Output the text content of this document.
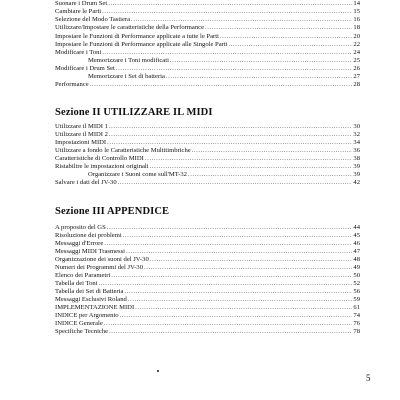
Suonare i Drum Set .....	14
Cambiare le Parti .....	15
Selezione del Modo Tastiera .....	16
Utilizzare/Impostare le caratteristiche della Performance .....	18
Impostare le Funzioni di Performance applicate a tutte le Parti .....	20
Impostare le Funzioni di Performance applicate alle Singole Parti .....	22
Modificare i Toni .....	24
Memorizzare i Toni modificati .....	25
Modificare i Drum Set .....	26
Memorizzare i Set di batteria .....	27
Performance .....	28
Sezione II UTILIZZARE IL MIDI
Utilizzare il MIDI 1 .....	30
Utilizzare il MIDI 2 .....	32
Impostazioni MIDI .....	34
Utilizzare a fondo le Caratteristiche Multitimbriche .....	36
Caratteristiche di Controllo MIDI .....	38
Ristabilire le impostazioni originali .....	39
Organizzare i Suoni come sull'MT-32 .....	39
Salvare i dati del JV-30 .....	42
Sezione III APPENDICE
A proposito del GS .....	44
Risoluzione dei problemi .....	45
Messaggi d'Errore .....	46
Messaggi MIDI Trasmessi .....	47
Organizzazione dei suoni del JV-30 .....	48
Numeri dei Programmi del JV-30 .....	49
Elenco dei Parametri .....	50
Tabella dei Toni .....	52
Tabella dei Set di Batteria .....	56
Messaggi Esclusivi Roland .....	59
IMPLEMENTAZIONE MIDI .....	61
INDICE per Argomento .....	74
INDICE Generale .....	76
Specifiche Tecniche .....	78
5
